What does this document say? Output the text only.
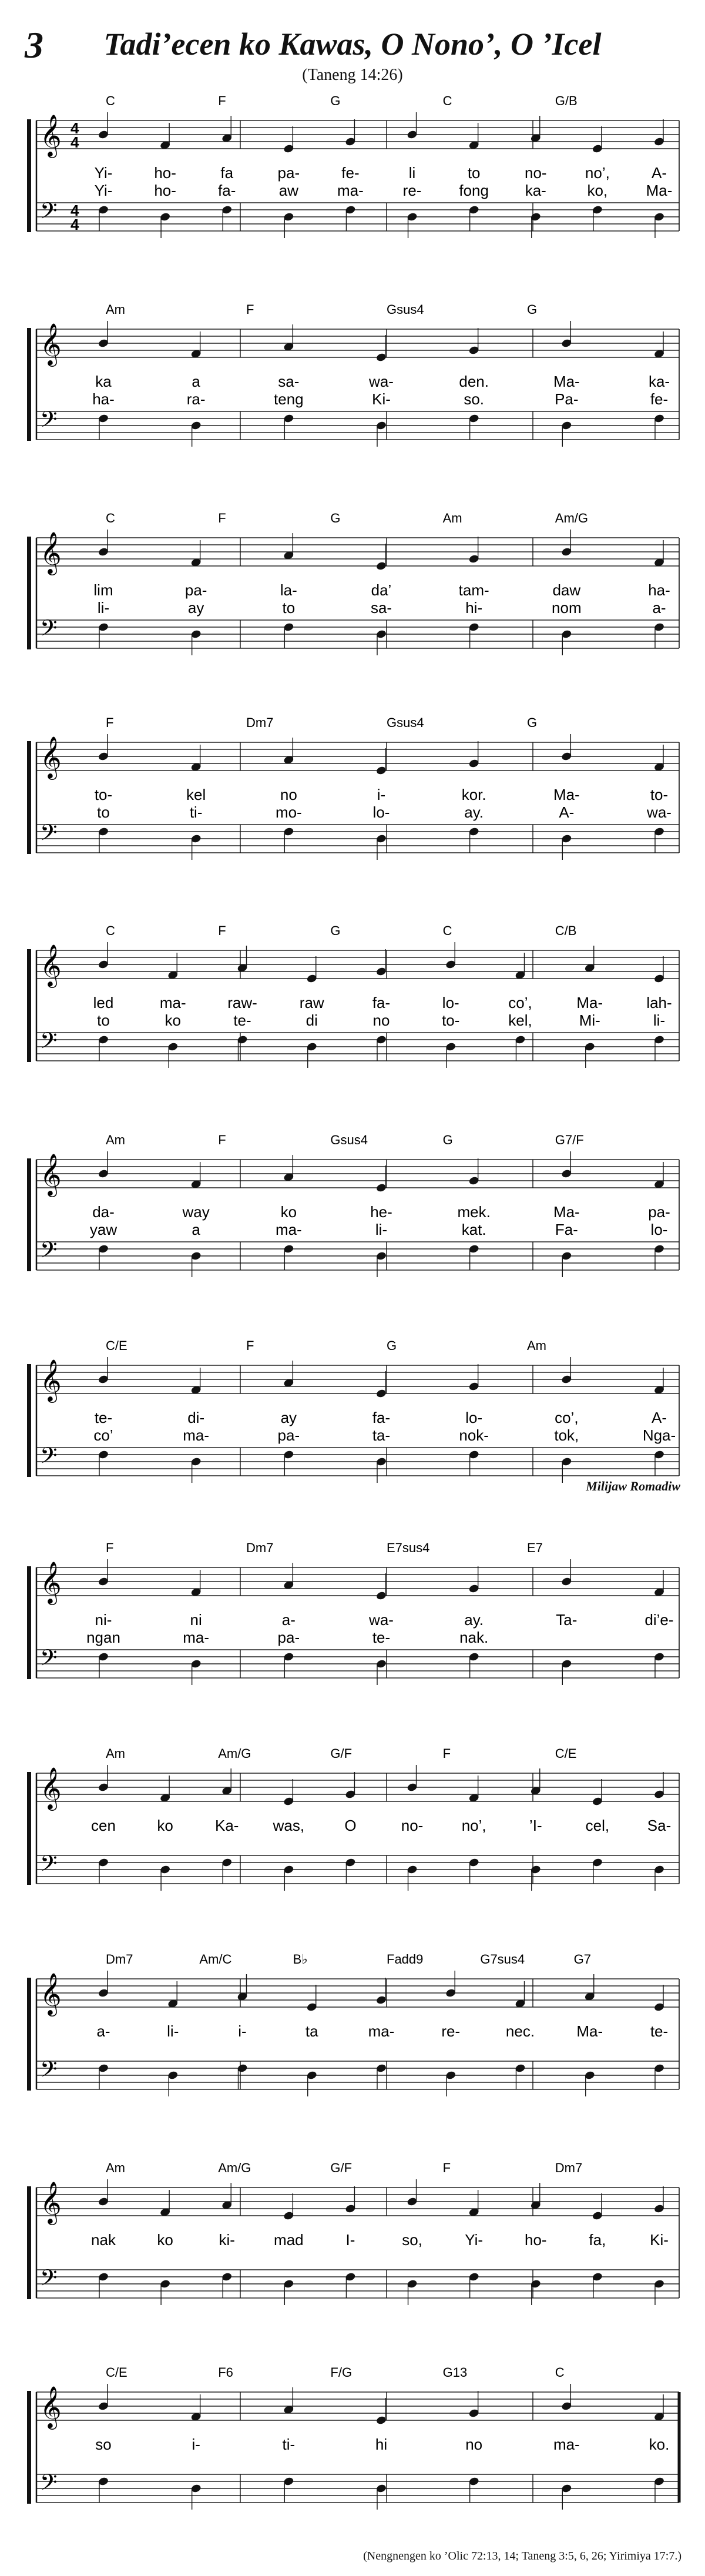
3	Tadi’ecen ko Kawas, O Nono’, O ’Icel
(Taneng 14:26)
𝄞
𝄢
4
4
4
4
C	F	G	C	G/B
Yi-
Yi-
ho-
ho-
fa
fa-
pa-
aw
fe-
ma-
li
re-
to
fong
no-
ka-
no’,
ko,
A-
Ma-
𝄞
𝄢
Am	F	Gsus4	G
ka
ha-
a
ra-
sa-
teng
wa-
Ki-
den.
so.
Ma-
Pa-
ka-
fe-
𝄞
𝄢
C	F	G	Am	Am/G
lim
li-
pa-
ay
la-
to
da’
sa-
tam-
hi-
daw
nom
ha-
a-
𝄞
𝄢
F	Dm7	Gsus4	G
to-
to
kel
ti-
no
mo-
i-
lo-
kor.
ay.
Ma-
A-
to-
wa-
𝄞
𝄢
C	F	G	C	C/B
led
to
ma-
ko
raw-
te-
raw
di
fa-
no
lo-
to-
co’,
kel,
Ma-
Mi-
lah-
li-
𝄞
𝄢
Am	F	Gsus4	G	G7/F
da-
yaw
way
a
ko
ma-
he-
li-
mek.
kat.
Ma-
Fa-
pa-
lo-
𝄞
𝄢
C/E	F	G	Am
te-
co’
di-
ma-
ay
pa-
fa-
ta-
lo-
nok-
co’,
tok,
A-
Nga-
𝄞
𝄢
F	Dm7	E7sus4	E7
ni-
ngan
ni
ma-
a-
pa-
wa-
te-
ay.
nak.
Ta-	di’e-
𝄞
𝄢
Am	Am/G	G/F	F	C/E
cen	ko	Ka- was,	O	no-	no’,	’I-	cel, Sa-
𝄞
𝄢
Dm7	Am/C	B♭	Fadd9	G7sus4	G7
a-	li-	i-	ta	ma-	re-	nec.	Ma-	te-
𝄞
𝄢
Am	Am/G	G/F	F	Dm7
nak	ko	ki-	mad	I-	so,	Yi-	ho-	fa,	Ki-
𝄞
𝄢
C/E	F6	F/G	G13	C
so	i-	ti-	hi	no	ma-	ko.
Milijaw Romadiw
(Nengnengen ko ’Olic 72:13, 14; Taneng 3:5, 6, 26; Yirimiya 17:7.)
